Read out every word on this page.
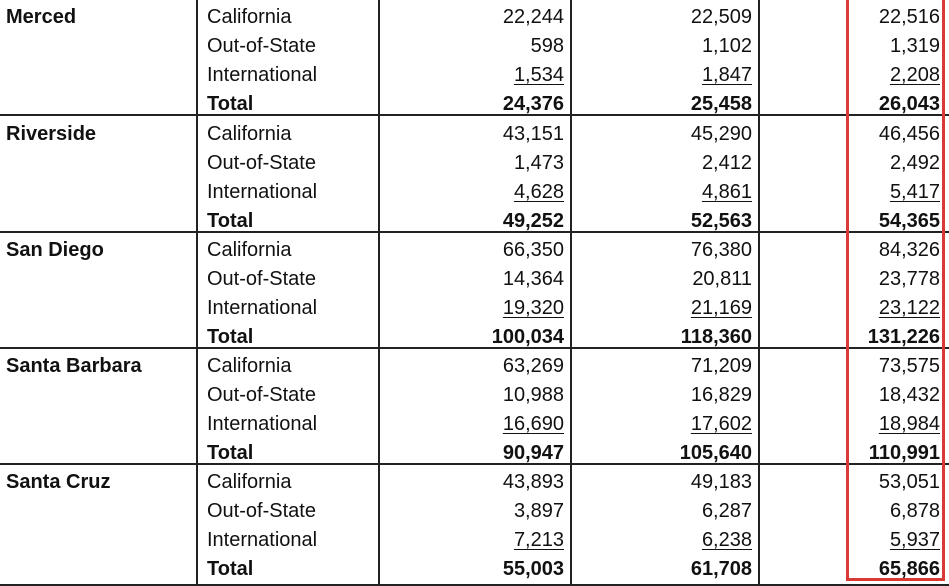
Merced	California	22,244	22,509	22,516
Out-of-State	598	1,102	1,319
International	1,534	1,847	2,208
Total	24,376	25,458	26,043
Riverside	California	43,151	45,290	46,456
Out-of-State	1,473	2,412	2,492
International	4,628	4,861	5,417
Total	49,252	52,563	54,365
San Diego	California	66,350	76,380	84,326
Out-of-State	14,364	20,811	23,778
International	19,320	21,169	23,122
Total	100,034	118,360	131,226
Santa Barbara	California	63,269	71,209	73,575
Out-of-State	10,988	16,829	18,432
International	16,690	17,602	18,984
Total	90,947	105,640	110,991
Santa Cruz	California	43,893	49,183	53,051
Out-of-State	3,897	6,287	6,878
International	7,213	6,238	5,937
Total	55,003	61,708	65,866
